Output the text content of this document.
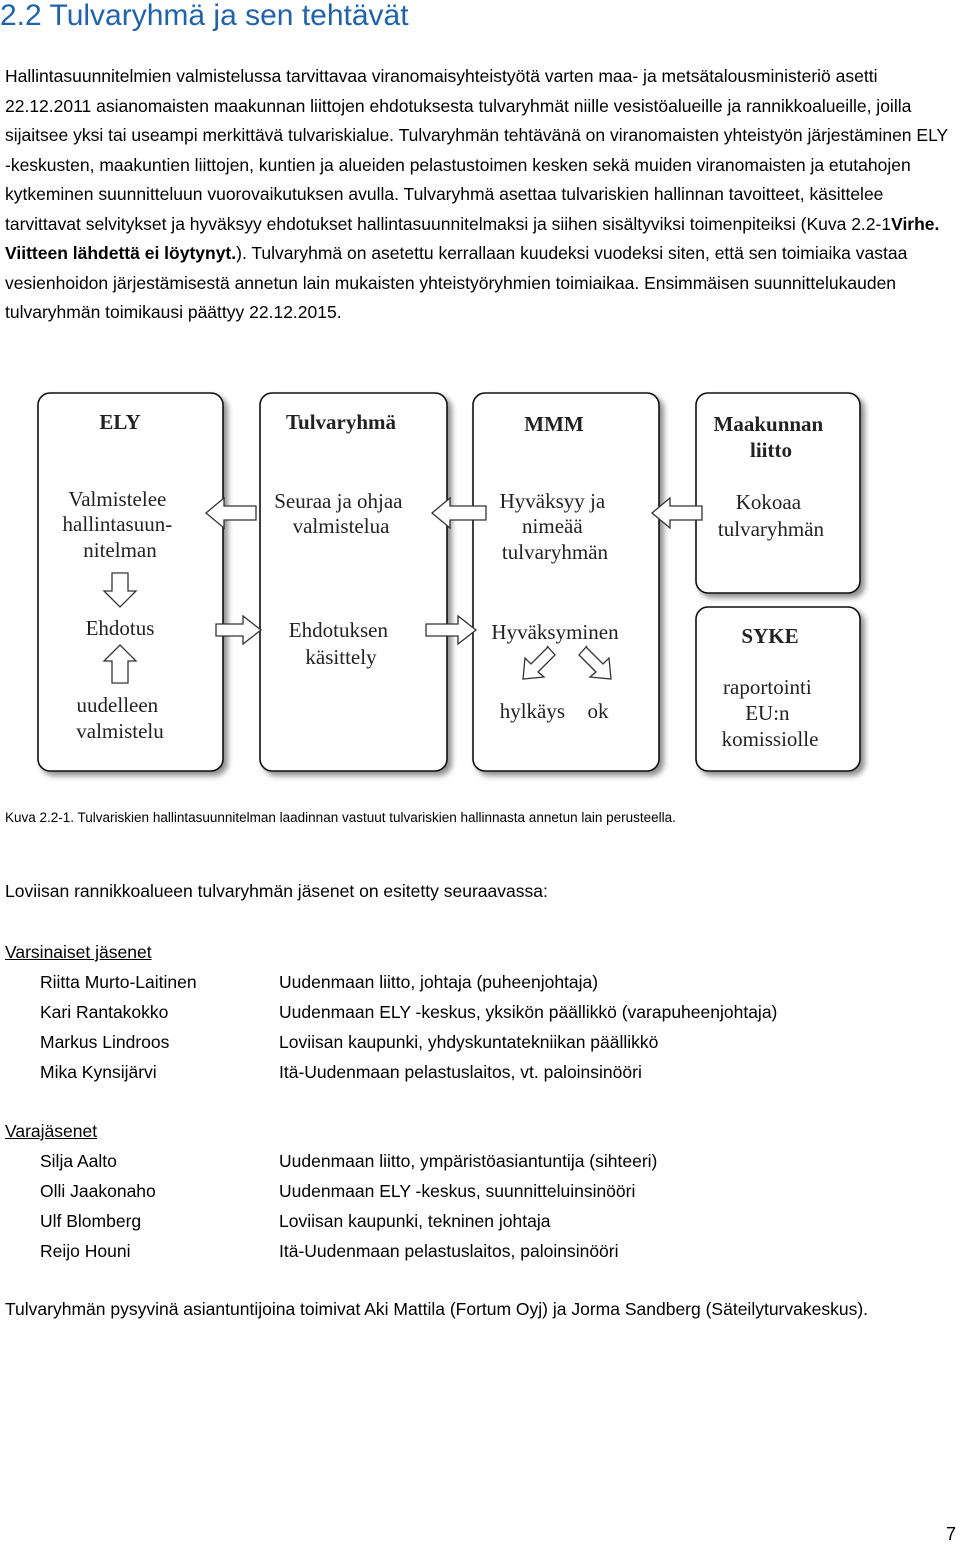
2.2 Tulvaryhmä ja sen tehtävät

Hallintasuunnitelmien valmistelussa tarvittavaa viranomaisyhteistyötä varten maa- ja metsätalousministeriö asetti 22.12.2011 asianomaisten maakunnan liittojen ehdotuksesta tulvaryhmät niille vesistöalueille ja rannikkoalueille, joilla sijaitsee yksi tai useampi merkittävä tulvariskialue. Tulvaryhmän tehtävänä on viranomaisten yhteistyön järjestäminen ELY -keskusten, maakuntien liittojen, kuntien ja alueiden pelastustoimen kesken sekä muiden viranomaisten ja etutahojen kytkeminen suunnitteluun vuorovaikutuksen avulla. Tulvaryhmä asettaa tulvariskien hallinnan tavoitteet, käsittelee tarvittavat selvitykset ja hyväksyy ehdotukset hallintasuunnitelmaksi ja siihen sisältyviksi toimenpiteiksi (Kuva 2.2-1Virhe. Viitteen lähdettä ei löytynyt.). Tulvaryhmä on asetettu kerrallaan kuudeksi vuodeksi siten, että sen toimiaika vastaa vesienhoidon järjestämisestä annetun lain mukaisten yhteistyöryhmien toimiaikaa. Ensimmäisen suunnittelukauden tulvaryhmän toimikausi päättyy 22.12.2015.

ELY
Valmistelee hallintasuun- nitelman
Ehdotus
uudelleen valmistelu
Tulvaryhmä
Seuraa ja ohjaa valmistelua
Ehdotuksen käsittely
MMM
Hyväksyy ja nimeää tulvaryhmän
Hyväksyminen
hylkäys ok
Maakunnan liitto
Kokoaa tulvaryhmän
SYKE
raportointi EU:n komissiolle

Kuva 2.2-1. Tulvariskien hallintasuunnitelman laadinnan vastuut tulvariskien hallinnasta annetun lain perusteella.

Loviisan rannikkoalueen tulvaryhmän jäsenet on esitetty seuraavassa:

Varsinaiset jäsenet

Riitta Murto-Laitinen	Uudenmaan liitto, johtaja (puheenjohtaja)
Kari Rantakokko	Uudenmaan ELY -keskus, yksikön päällikkö (varapuheenjohtaja)
Markus Lindroos	Loviisan kaupunki, yhdyskuntatekniikan päällikkö
Mika Kynsijärvi	Itä-Uudenmaan pelastuslaitos, vt. paloinsinööri

Varajäsenet

Silja Aalto	Uudenmaan liitto, ympäristöasiantuntija (sihteeri)
Olli Jaakonaho	Uudenmaan ELY -keskus, suunnitteluinsinööri
Ulf Blomberg	Loviisan kaupunki, tekninen johtaja
Reijo Houni	Itä-Uudenmaan pelastuslaitos, paloinsinööri

Tulvaryhmän pysyvinä asiantuntijoina toimivat Aki Mattila (Fortum Oyj) ja Jorma Sandberg (Säteilyturvakeskus).

7
